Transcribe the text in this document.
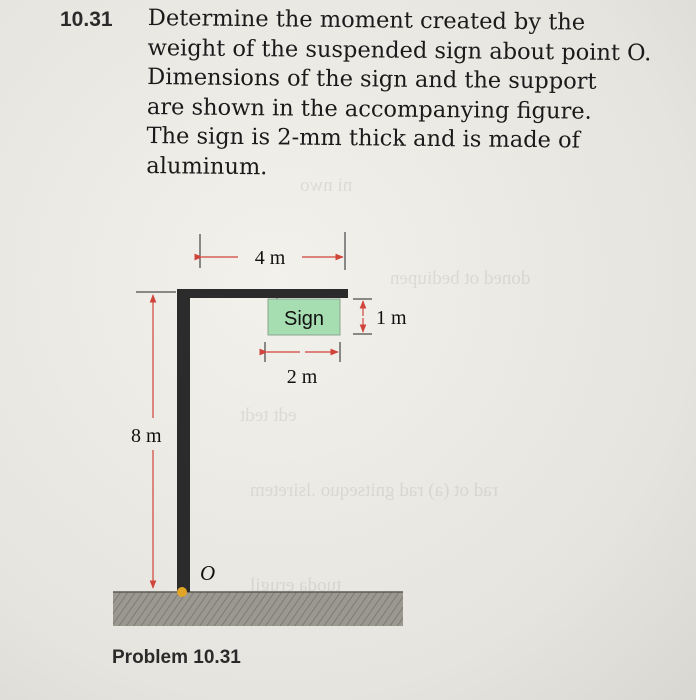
ni nwo
doned ot bediupen
edt tedt
rad ot (a) rad gnitsequo .lsiretem
tuoda erugil
10.31 Determine the moment created by the
weight of the suspended sign about point O.
Dimensions of the sign and the support
are shown in the accompanying figure.
The sign is 2-mm thick and is made of
aluminum.
Sign
O
4 m
8 m
1 m
2 m
Problem 10.31
